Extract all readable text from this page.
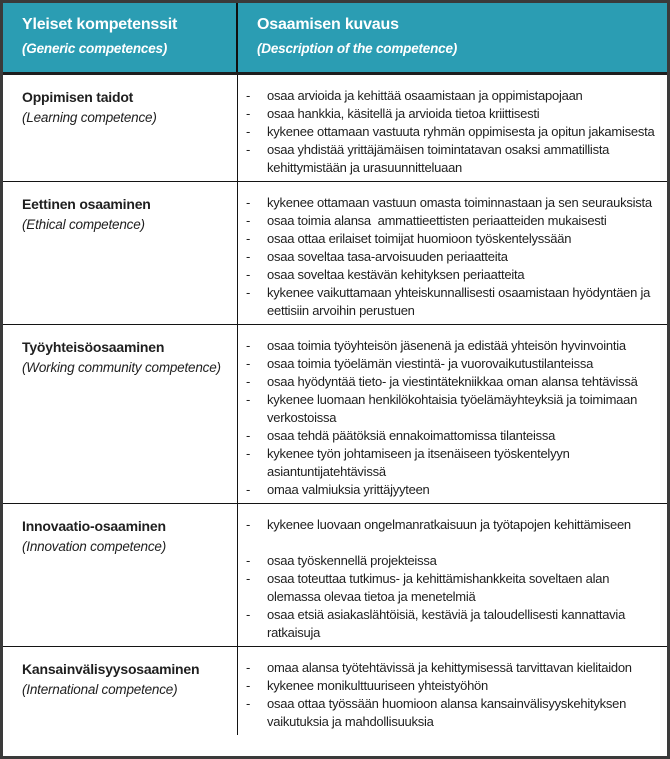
Yleiset kompetenssit
(Generic competences)
Osaamisen kuvaus
(Description of the competence)
Oppimisen taidot
(Learning competence)
-	osaa arvioida ja kehittää osaamistaan ja oppimistapojaan
-	osaa hankkia, käsitellä ja arvioida tietoa kriittisesti
-	kykenee ottamaan vastuuta ryhmän oppimisesta ja opitun jakamisesta
-	osaa yhdistää yrittäjämäisen toimintatavan osaksi ammatillista kehittymistään ja urasuunnitteluaan
Eettinen osaaminen
(Ethical competence)
-	kykenee ottamaan vastuun omasta toiminnastaan ja sen seurauksista
-	osaa toimia alansa  ammattieettisten periaatteiden mukaisesti
-	osaa ottaa erilaiset toimijat huomioon työskentelyssään
-	osaa soveltaa tasa-arvoisuuden periaatteita
-	osaa soveltaa kestävän kehityksen periaatteita
-	kykenee vaikuttamaan yhteiskunnallisesti osaamistaan hyödyntäen ja eettisiin arvoihin perustuen
Työyhteisöosaaminen
(Working community competence)
-	osaa toimia työyhteisön jäsenenä ja edistää yhteisön hyvinvointia
-	osaa toimia työelämän viestintä- ja vuorovaikutustilanteissa
-	osaa hyödyntää tieto- ja viestintätekniikkaa oman alansa tehtävissä
-	kykenee luomaan henkilökohtaisia työelämäyhteyksiä ja toimimaan verkostoissa
-	osaa tehdä päätöksiä ennakoimattomissa tilanteissa
-	kykenee työn johtamiseen ja itsenäiseen työskentelyyn asiantuntijatehtävissä
-	omaa valmiuksia yrittäjyyteen
Innovaatio-osaaminen
(Innovation competence)
-	kykenee luovaan ongelmanratkaisuun ja työtapojen kehittämiseen
-	osaa työskennellä projekteissa
-	osaa toteuttaa tutkimus- ja kehittämishankkeita soveltaen alan olemassa olevaa tietoa ja menetelmiä
-	osaa etsiä asiakaslähtöisiä, kestäviä ja taloudellisesti kannattavia ratkaisuja
Kansainvälisyysosaaminen
(International competence)
-	omaa alansa työtehtävissä ja kehittymisessä tarvittavan kielitaidon
-	kykenee monikulttuuriseen yhteistyöhön
-	osaa ottaa työssään huomioon alansa kansainvälisyyskehityksen vaikutuksia ja mahdollisuuksia
